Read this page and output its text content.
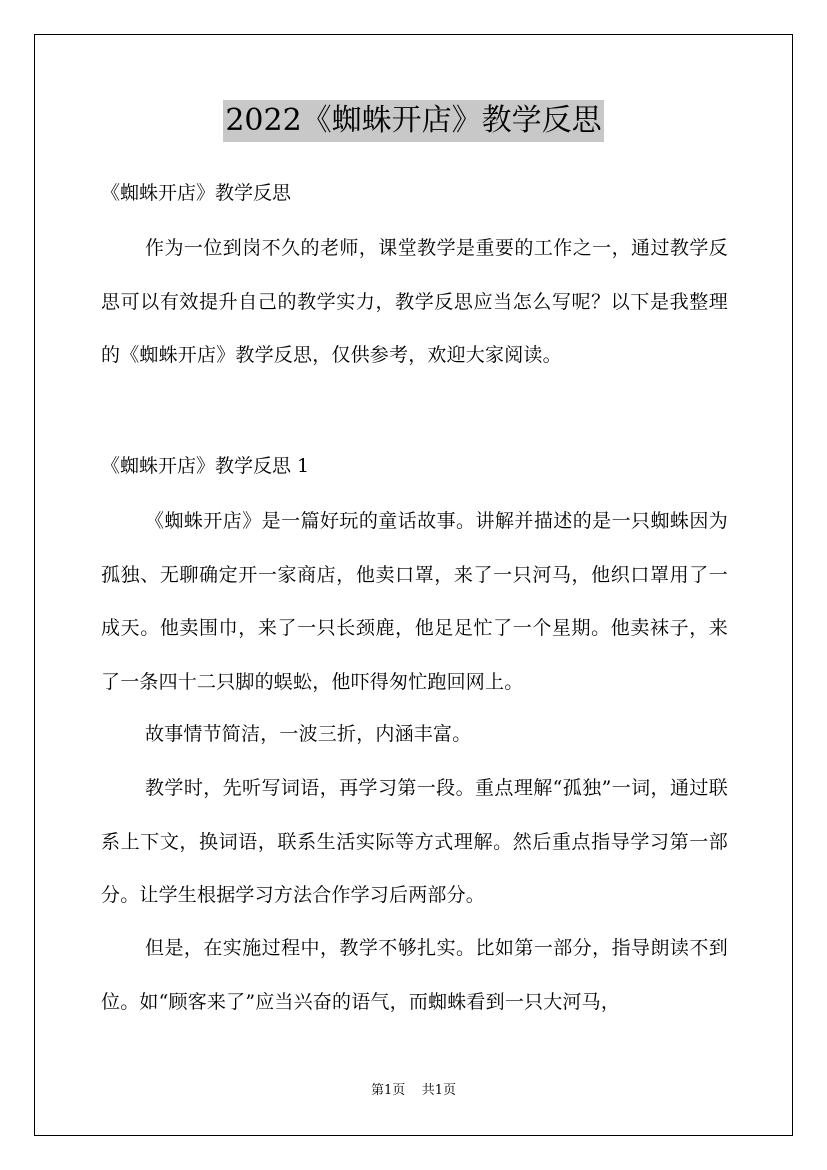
2022《蜘蛛开店》教学反思
《蜘蛛开店》教学反思

作为一位到岗不久的老师，课堂教学是重要的工作之一，通过教学反思可以有效提升自己的教学实力，教学反思应当怎么写呢？以下是我整理的《蜘蛛开店》教学反思，仅供参考，欢迎大家阅读。

《蜘蛛开店》教学反思 1

《蜘蛛开店》是一篇好玩的童话故事。讲解并描述的是一只蜘蛛因为孤独、无聊确定开一家商店，他卖口罩，来了一只河马，他织口罩用了一成天。他卖围巾，来了一只长颈鹿，他足足忙了一个星期。他卖袜子，来了一条四十二只脚的蜈蚣，他吓得匆忙跑回网上。

故事情节简洁，一波三折，内涵丰富。

教学时，先听写词语，再学习第一段。重点理解“孤独”一词，通过联系上下文，换词语，联系生活实际等方式理解。然后重点指导学习第一部分。让学生根据学习方法合作学习后两部分。

但是，在实施过程中，教学不够扎实。比如第一部分，指导朗读不到位。如“顾客来了”应当兴奋的语气，而蜘蛛看到一只大河马，

第1页 共1页
